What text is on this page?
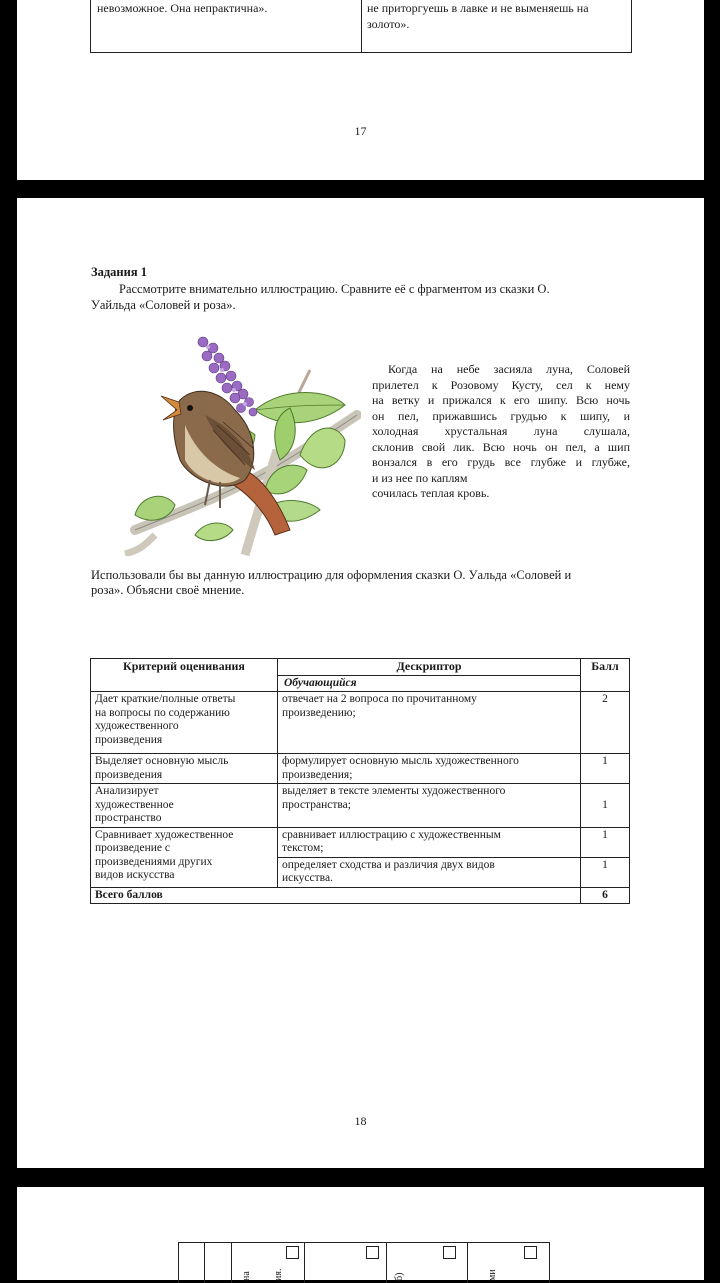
невозможное. Она непрактична».	не приторгуешь в лавке и не выменяешь на
золото».
17
Задания 1
Рассмотрите внимательно иллюстрацию. Сравните её с фрагментом из сказки О.
Уайльда «Соловей и роза».
Когда на небе засияла луна, Соловей
прилетел к Розовому Кусту, сел к нему
на ветку и прижался к его шипу. Всю ночь
он пел, прижавшись грудью к шипу, и
холодная хрустальная луна слушала,
склонив свой лик. Всю ночь он пел, а шип
вонзался в его грудь все глубже и глубже,
и из нее по каплям
сочилась теплая кровь.
Использовали бы вы данную иллюстрацию для оформления сказки О. Уальда «Соловей и
роза». Объясни своё мнение.
Критерий оценивания	Дескриптор	Балл
	Обучающийся	

Дает краткие/полные ответы
на вопросы по содержанию
художественного
произведения	отвечает на 2 вопроса по прочитанному
произведению;	2

Выделяет основную мысль
произведения	формулирует основную мысль художественного
произведения;	1

Анализирует
художественное
пространство	выделяет в тексте элементы художественного
пространства;	1

Сравнивает художественное
произведение с
произведениями других
видов искусства	сравнивает иллюстрацию с художественным
текстом;	1

	определяет сходства и различия двух видов
искусства.	1
Всего баллов		6
18
на ия.	б)	ми
